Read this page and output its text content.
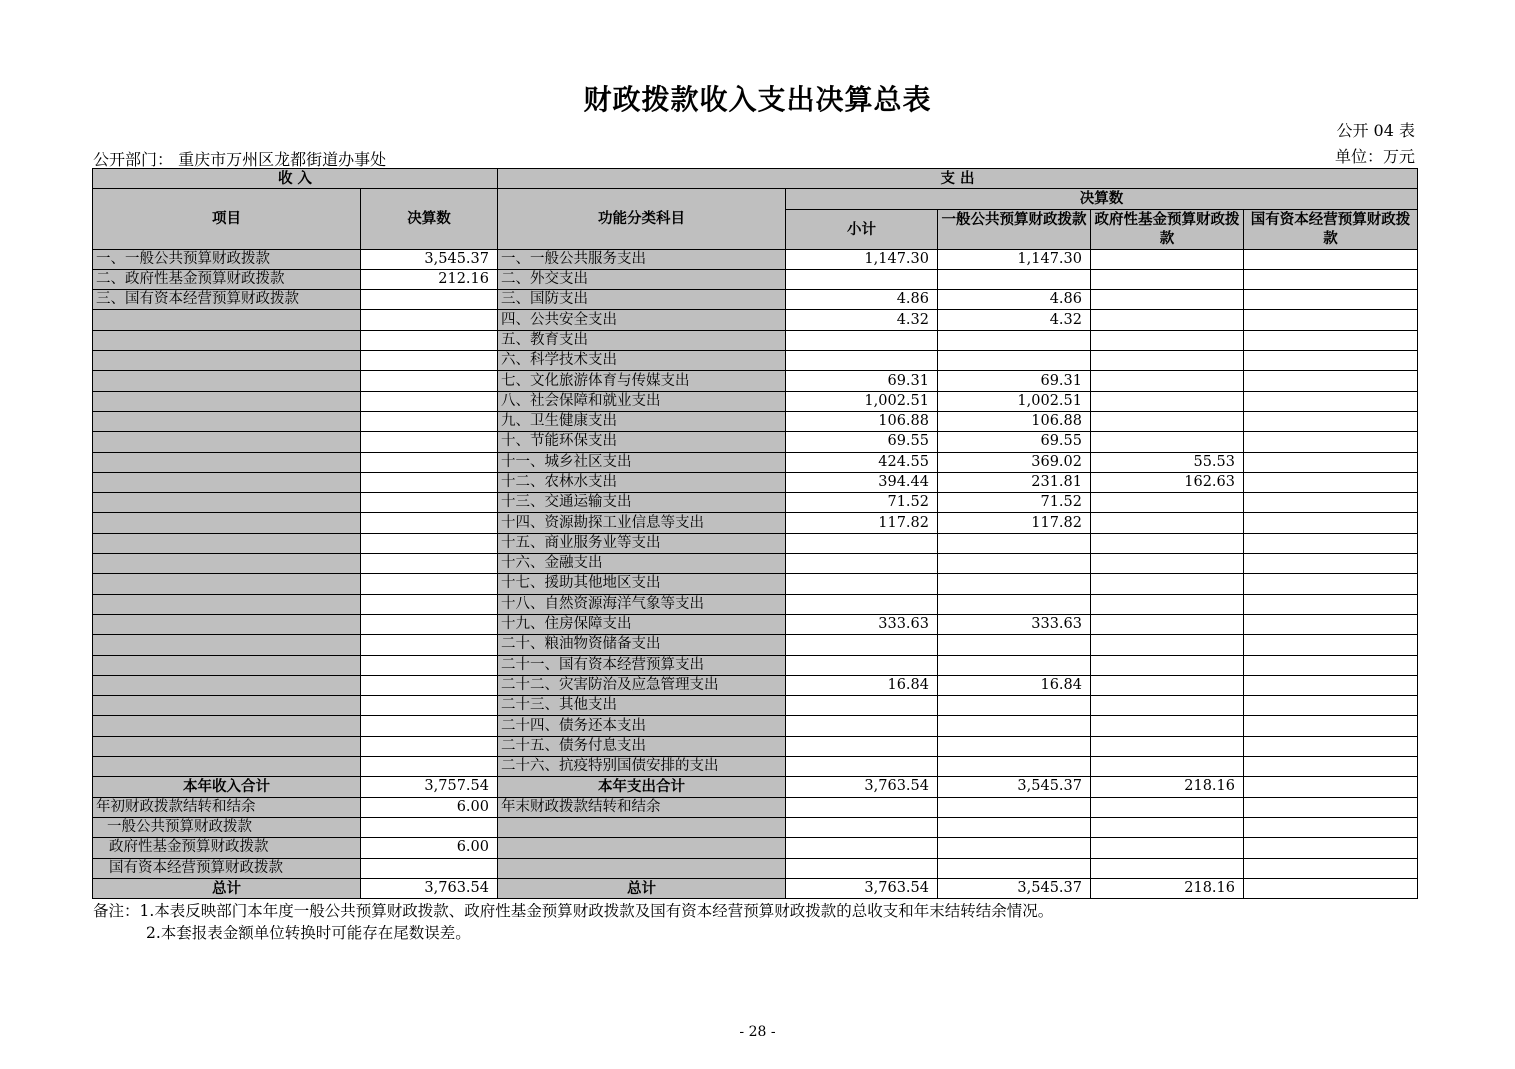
财政拨款收入支出决算总表
公开 04 表
公开部门： 重庆市万州区龙都街道办事处	单位：万元
收 入		支 出				
项目	决算数	功能分类科目	决算数			
			小计	一般公共预算财政拨款	政府性基金预算财政拨款	国有资本经营预算财政拨款
一、一般公共预算财政拨款	3,545.37	一、一般公共服务支出	1,147.30	1,147.30		
二、政府性基金预算财政拨款	212.16	二、外交支出				
三、国有资本经营预算财政拨款		三、国防支出	4.86	4.86		
		四、公共安全支出	4.32	4.32		
		五、教育支出				
		六、科学技术支出				
		七、文化旅游体育与传媒支出	69.31	69.31		
		八、社会保障和就业支出	1,002.51	1,002.51		
		九、卫生健康支出	106.88	106.88		
		十、节能环保支出	69.55	69.55		
		十一、城乡社区支出	424.55	369.02	55.53	
		十二、农林水支出	394.44	231.81	162.63	
		十三、交通运输支出	71.52	71.52		
		十四、资源勘探工业信息等支出	117.82	117.82		
		十五、商业服务业等支出				
		十六、金融支出				
		十七、援助其他地区支出				
		十八、自然资源海洋气象等支出				
		十九、住房保障支出	333.63	333.63		
		二十、粮油物资储备支出				
		二十一、国有资本经营预算支出				
		二十二、灾害防治及应急管理支出	16.84	16.84		
		二十三、其他支出				
		二十四、债务还本支出				
		二十五、债务付息支出				
		二十六、抗疫特别国债安排的支出				
本年收入合计	3,757.54	本年支出合计	3,763.54	3,545.37	218.16	
年初财政拨款结转和结余	6.00	年末财政拨款结转和结余				
一般公共预算财政拨款						
政府性基金预算财政拨款	6.00					
国有资本经营预算财政拨款						
总计	3,763.54	总计	3,763.54	3,545.37	218.16	
备注：1.本表反映部门本年度一般公共预算财政拨款、政府性基金预算财政拨款及国有资本经营预算财政拨款的总收支和年末结转结余情况。
2.本套报表金额单位转换时可能存在尾数误差。
- 28 -
